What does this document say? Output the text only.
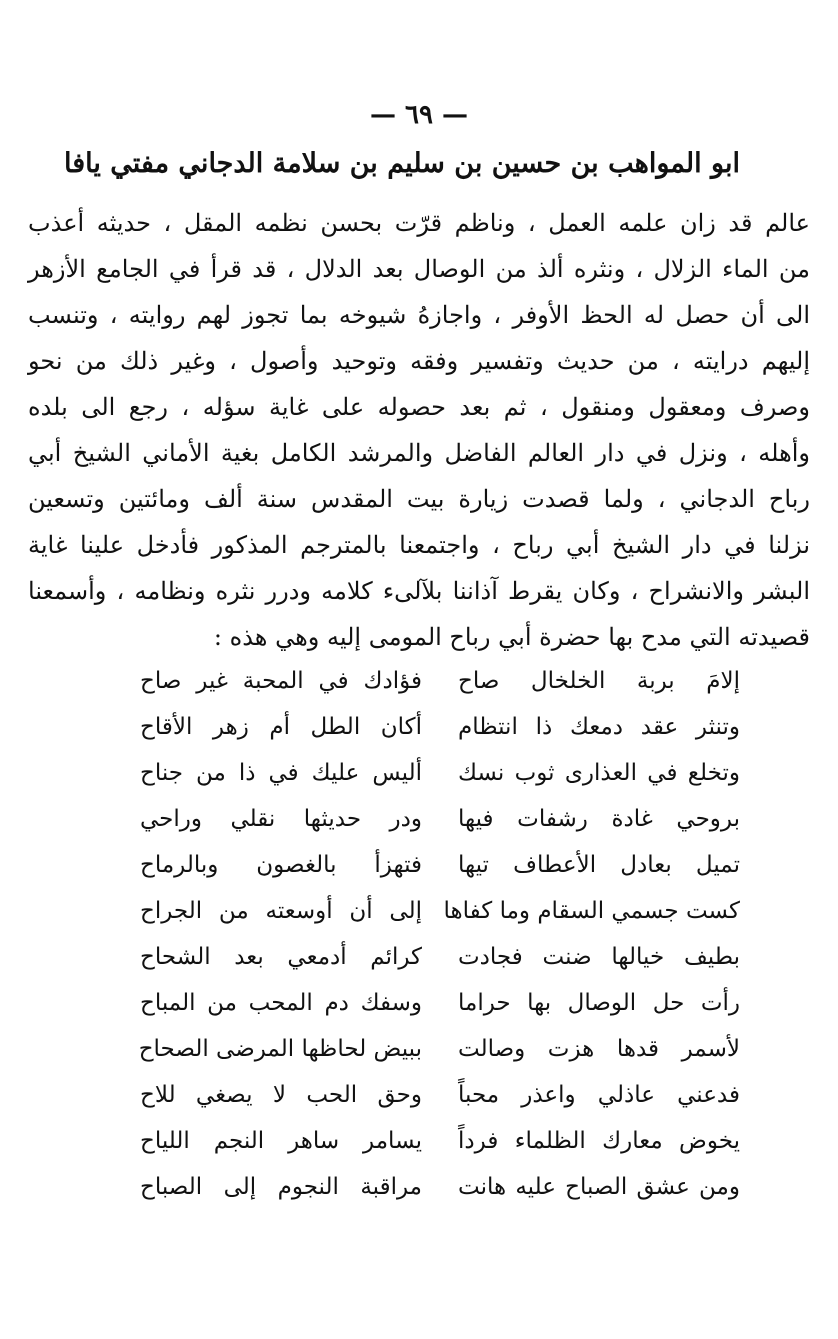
— ٦٩ —
ابو المواهب بن حسين بن سليم بن سلامة الدجاني مفتي يافا
عالم قد زان علمه العمل ، وناظم قرّت بحسن نظمه المقل ، حديثه أعذب
من الماء الزلال ، ونثره ألذ من الوصال بعد الدلال ، قد قرأ في الجامع الأزهر
الى أن حصل له الحظ الأوفر ، واجازهُ شيوخه بما تجوز لهم روايته ، وتنسب
إليهم درايته ، من حديث وتفسير وفقه وتوحيد وأصول ، وغير ذلك من نحو
وصرف ومعقول ومنقول ، ثم بعد حصوله على غاية سؤله ، رجع الى بلده
وأهله ، ونزل في دار العالم الفاضل والمرشد الكامل بغية الأماني الشيخ أبي
رباح الدجاني ، ولما قصدت زيارة بيت المقدس سنة ألف ومائتين وتسعين
نزلنا في دار الشيخ أبي رباح ، واجتمعنا بالمترجم المذكور فأدخل علينا غاية
البشر والانشراح ، وكان يقرط آذاننا بلآلىء كلامه ودرر نثره ونظامه ، وأسمعنا
قصيدته التي مدح بها حضرة أبي رباح المومى إليه وهي هذه :
إلامَ بربة الخلخال صاح
فؤادك في المحبة غير صاح
وتنثر عقد دمعك ذا انتظام
أكان الطل أم زهر الأقاح
وتخلع في العذارى ثوب نسك
أليس عليك في ذا من جناح
بروحي غادة رشفات فيها
ودر حديثها نقلي وراحي
تميل بعادل الأعطاف تيها
فتهزأ بالغصون وبالرماح
كست جسمي السقام وما كفاها
إلى أن أوسعته من الجراح
بطيف خيالها ضنت فجادت
كرائم أدمعي بعد الشحاح
رأت حل الوصال بها حراما
وسفك دم المحب من المباح
لأسمر قدها هزت وصالت
ببيض لحاظها المرضى الصحاح
فدعني عاذلي واعذر محباً
وحق الحب لا يصغي للاح
يخوض معارك الظلماء فرداً
يسامر ساهر النجم اللياح
ومن عشق الصباح عليه هانت
مراقبة النجوم إلى الصباح
